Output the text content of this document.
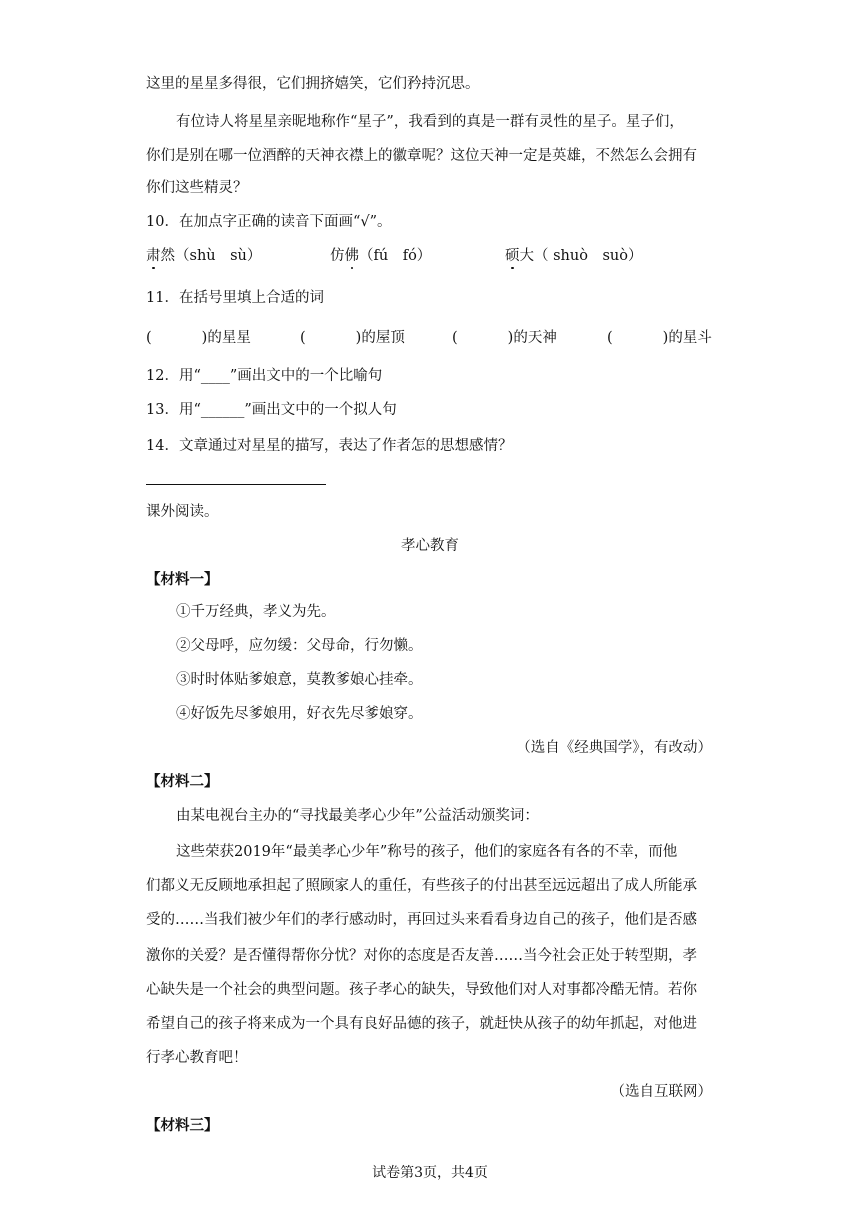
这里的星星多得很，它们拥挤嬉笑，它们矜持沉思。
有位诗人将星星亲昵地称作“星子”，我看到的真是一群有灵性的星子。星子们，
你们是别在哪一位酒醉的天神衣襟上的徽章呢？这位天神一定是英雄，不然怎么会拥有
你们这些精灵？
10．在加点字正确的读音下面画“√”。
肃然（shù　sù）	仿佛（fú　fó）	硕大（ shuò　suò）
11．在括号里填上合适的词
(	)的星星	(	)的屋顶	(	)的天神	(	)的星斗
12．用“____”画出文中的一个比喻句
13．用“______”画出文中的一个拟人句
14．文章通过对星星的描写，表达了作者怎的思想感情？
课外阅读。
孝心教育
【材料一】
①千万经典，孝义为先。
②父母呼，应勿缓：父母命，行勿懒。
③时时体贴爹娘意，莫教爹娘心挂牵。
④好饭先尽爹娘用，好衣先尽爹娘穿。
（选自《经典国学》，有改动）
【材料二】
由某电视台主办的“寻找最美孝心少年”公益活动颁奖词：
这些荣获2019年“最美孝心少年”称号的孩子，他们的家庭各有各的不幸，而他
们都义无反顾地承担起了照顾家人的重任，有些孩子的付出甚至远远超出了成人所能承
受的……当我们被少年们的孝行感动时，再回过头来看看身边自己的孩子，他们是否感
激你的关爱？是否懂得帮你分忧？对你的态度是否友善……当今社会正处于转型期，孝
心缺失是一个社会的典型问题。孩子孝心的缺失，导致他们对人对事都冷酷无情。若你
希望自己的孩子将来成为一个具有良好品德的孩子，就赶快从孩子的幼年抓起，对他进
行孝心教育吧！
（选自互联网）
【材料三】
试卷第3页，共4页
